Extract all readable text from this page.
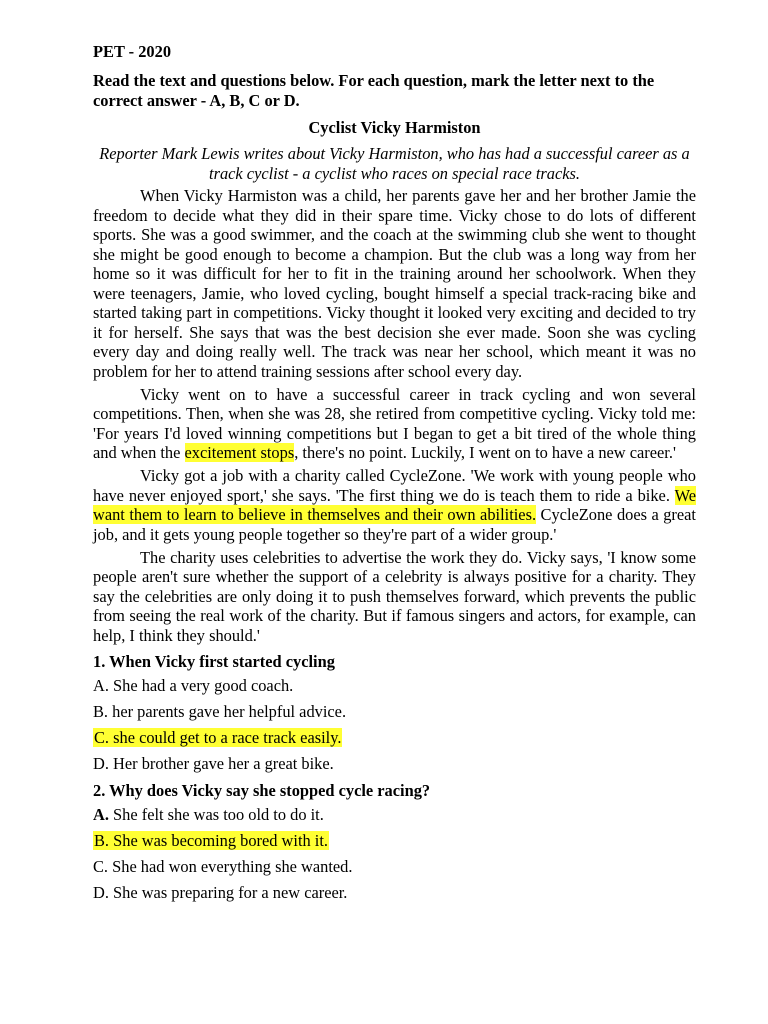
PET - 2020
Read the text and questions below. For each question, mark the letter next to the correct answer - A, B, C or D.
Cyclist Vicky Harmiston
Reporter Mark Lewis writes about Vicky Harmiston, who has had a successful career as a track cyclist - a cyclist who races on special race tracks.

When Vicky Harmiston was a child, her parents gave her and her brother Jamie the freedom to decide what they did in their spare time. Vicky chose to do lots of different sports. She was a good swimmer, and the coach at the swimming club she went to thought she might be good enough to become a champion. But the club was a long way from her home so it was difficult for her to fit in the training around her schoolwork. When they were teenagers, Jamie, who loved cycling, bought himself a special track-racing bike and started taking part in competitions. Vicky thought it looked very exciting and decided to try it for herself. She says that was the best decision she ever made. Soon she was cycling every day and doing really well. The track was near her school, which meant it was no problem for her to attend training sessions after school every day.

Vicky went on to have a successful career in track cycling and won several competitions. Then, when she was 28, she retired from competitive cycling. Vicky told me: 'For years I'd loved winning competitions but I began to get a bit tired of the whole thing and when the excitement stops, there's no point. Luckily, I went on to have a new career.'

Vicky got a job with a charity called CycleZone. 'We work with young people who have never enjoyed sport,' she says. 'The first thing we do is teach them to ride a bike. We want them to learn to believe in themselves and their own abilities. CycleZone does a great job, and it gets young people together so they're part of a wider group.'

The charity uses celebrities to advertise the work they do. Vicky says, 'I know some people aren't sure whether the support of a celebrity is always positive for a charity. They say the celebrities are only doing it to push themselves forward, which prevents the public from seeing the real work of the charity. But if famous singers and actors, for example, can help, I think they should.'

1. When Vicky first started cycling
A. She had a very good coach.
B. her parents gave her helpful advice.
C. she could get to a race track easily.
D. Her brother gave her a great bike.
2. Why does Vicky say she stopped cycle racing?
A. She felt she was too old to do it.
B. She was becoming bored with it.
C. She had won everything she wanted.
D. She was preparing for a new career.
